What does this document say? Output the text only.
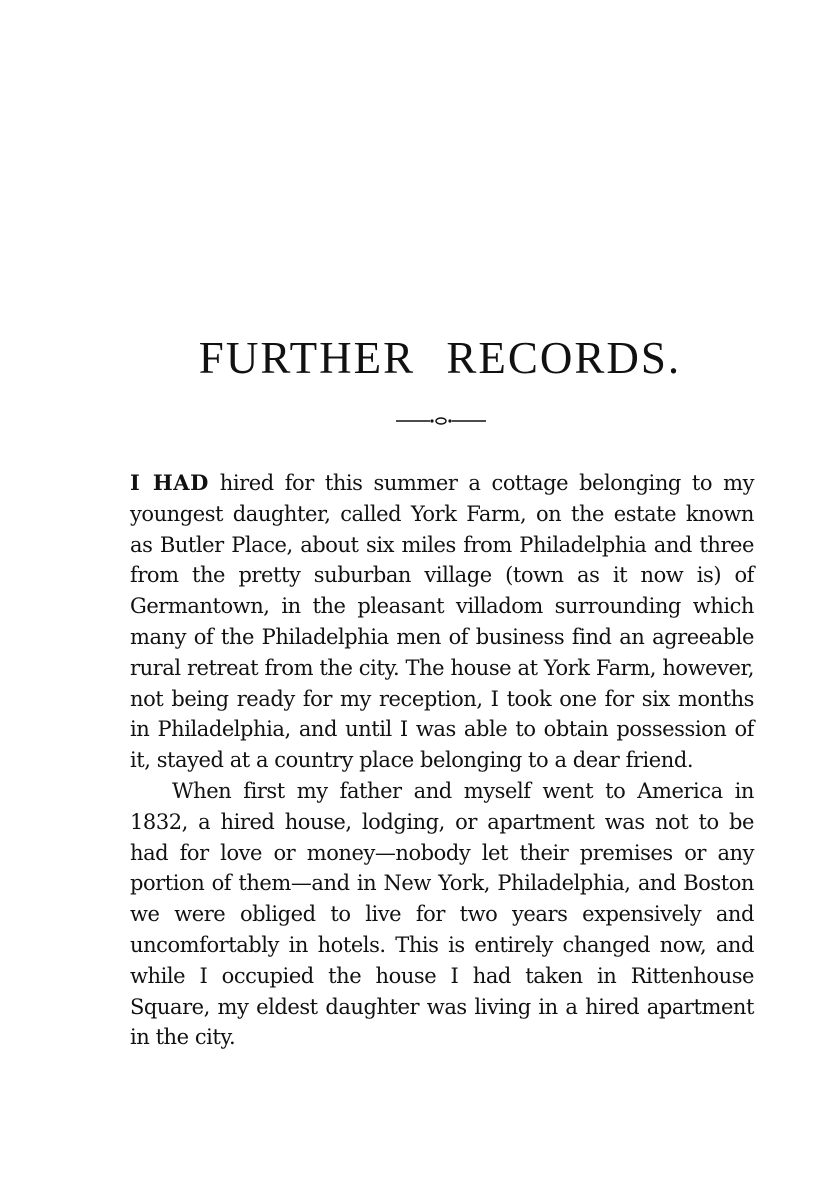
FURTHER RECORDS.

I HAD hired for this summer a cottage belonging to my youngest daughter, called York Farm, on the estate known as Butler Place, about six miles from Philadelphia and three from the pretty suburban village (town as it now is) of Germantown, in the pleasant villadom surrounding which many of the Philadelphia men of business find an agreeable rural retreat from the city. The house at York Farm, however, not being ready for my reception, I took one for six months in Philadelphia, and until I was able to obtain possession of it, stayed at a country place belonging to a dear friend.

When first my father and myself went to America in 1832, a hired house, lodging, or apartment was not to be had for love or money—nobody let their premises or any portion of them—and in New York, Philadelphia, and Boston we were obliged to live for two years expensively and uncomfortably in hotels. This is entirely changed now, and while I occupied the house I had taken in Rittenhouse Square, my eldest daughter was living in a hired apartment in the city.
